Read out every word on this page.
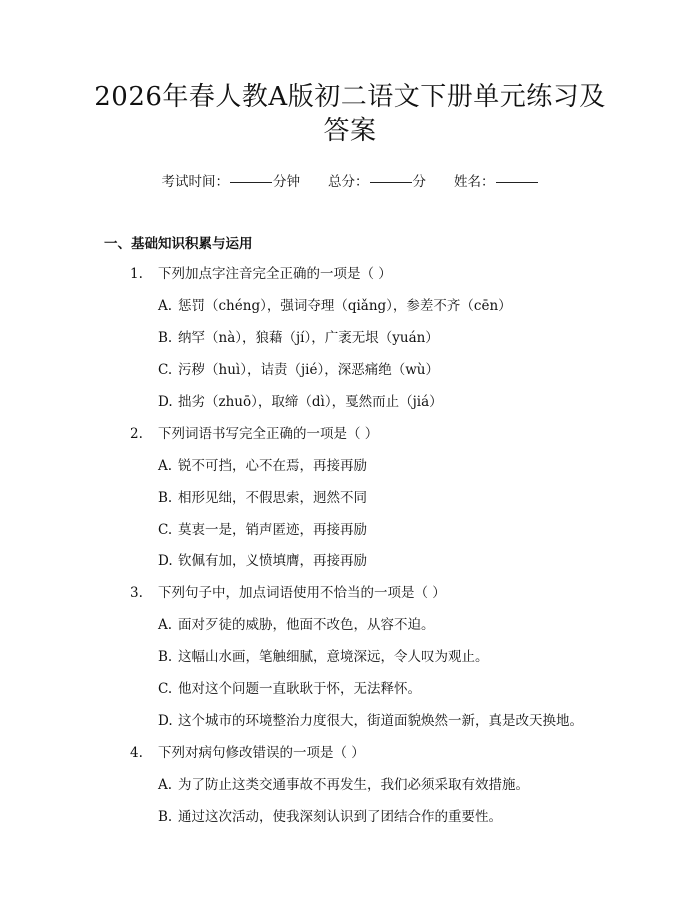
2026年春人教A版初二语文下册单元练习及
答案
考试时间：	分钟 总分：	分 姓名：
一、基础知识积累与运用
1. 下列加点字注音完全正确的一项是（ ）
A. 惩罚（chéng），强词夺理（qiǎng），参差不齐（cēn）
B. 纳罕（nà），狼藉（jí），广袤无垠（yuán）
C. 污秽（huì），诘责（jié），深恶痛绝（wù）
D. 拙劣（zhuō），取缔（dì），戛然而止（jiá）
2. 下列词语书写完全正确的一项是（ ）
A. 锐不可挡，心不在焉，再接再励
B. 相形见绌，不假思索，迥然不同
C. 莫衷一是，销声匿迹，再接再励
D. 钦佩有加，义愤填膺，再接再励
3. 下列句子中，加点词语使用不恰当的一项是（ ）
A. 面对歹徒的威胁，他面不改色，从容不迫。
B. 这幅山水画，笔触细腻，意境深远，令人叹为观止。
C. 他对这个问题一直耿耿于怀，无法释怀。
D. 这个城市的环境整治力度很大，街道面貌焕然一新，真是改天换地。
4. 下列对病句修改错误的一项是（ ）
A. 为了防止这类交通事故不再发生，我们必须采取有效措施。
B. 通过这次活动，使我深刻认识到了团结合作的重要性。
